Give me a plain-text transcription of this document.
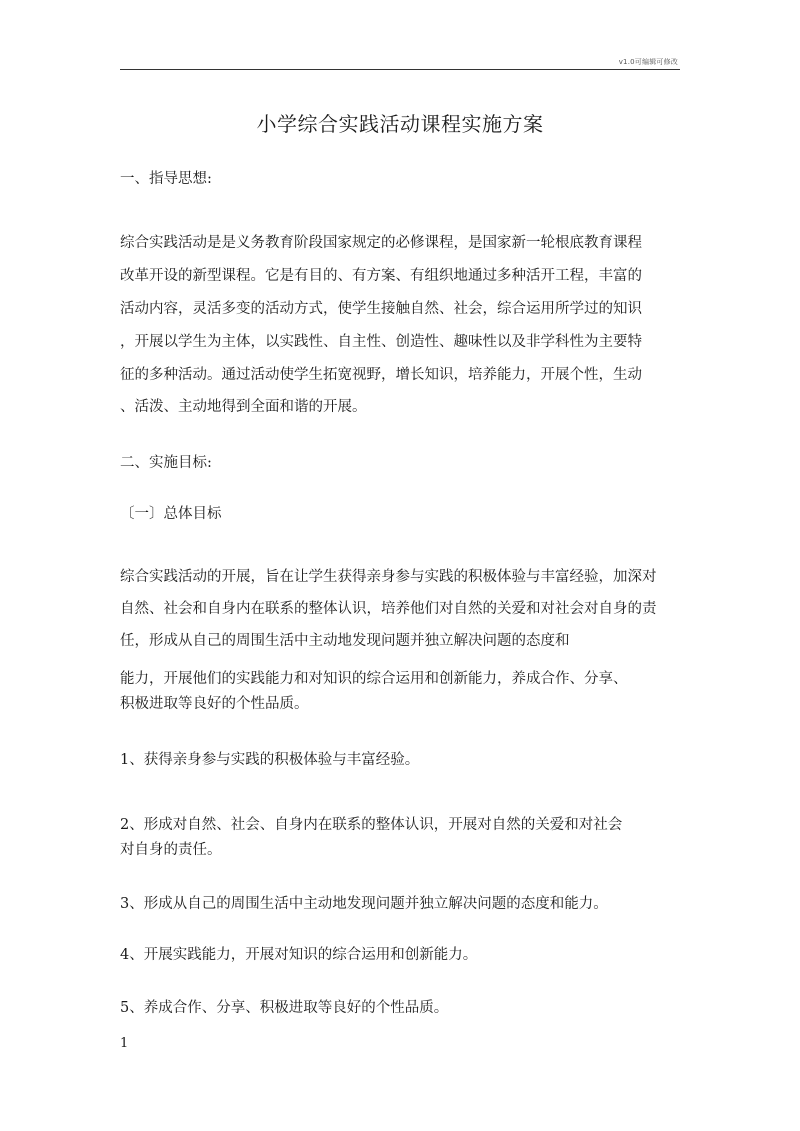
v1.0可编辑可修改
小学综合实践活动课程实施方案
一、指导思想:
综合实践活动是是义务教育阶段国家规定的必修课程，是国家新一轮根底教育课程
改革开设的新型课程。它是有目的、有方案、有组织地通过多种活开工程，丰富的
活动内容，灵活多变的活动方式，使学生接触自然、社会，综合运用所学过的知识
，开展以学生为主体，以实践性、自主性、创造性、趣味性以及非学科性为主要特
征的多种活动。通过活动使学生拓宽视野，增长知识，培养能力，开展个性，生动
、活泼、主动地得到全面和谐的开展。
二、实施目标:
〔一〕总体目标
综合实践活动的开展，旨在让学生获得亲身参与实践的积极体验与丰富经验，加深对
自然、社会和自身内在联系的整体认识，培养他们对自然的关爱和对社会对自身的责
任，形成从自己的周围生活中主动地发现问题并独立解决问题的态度和
能力，开展他们的实践能力和对知识的综合运用和创新能力，养成合作、分享、
积极进取等良好的个性品质。
1、获得亲身参与实践的积极体验与丰富经验。
2、形成对自然、社会、自身内在联系的整体认识，开展对自然的关爱和对社会
对自身的责任。
3、形成从自己的周围生活中主动地发现问题并独立解决问题的态度和能力。
4、开展实践能力，开展对知识的综合运用和创新能力。
5、养成合作、分享、积极进取等良好的个性品质。
1
